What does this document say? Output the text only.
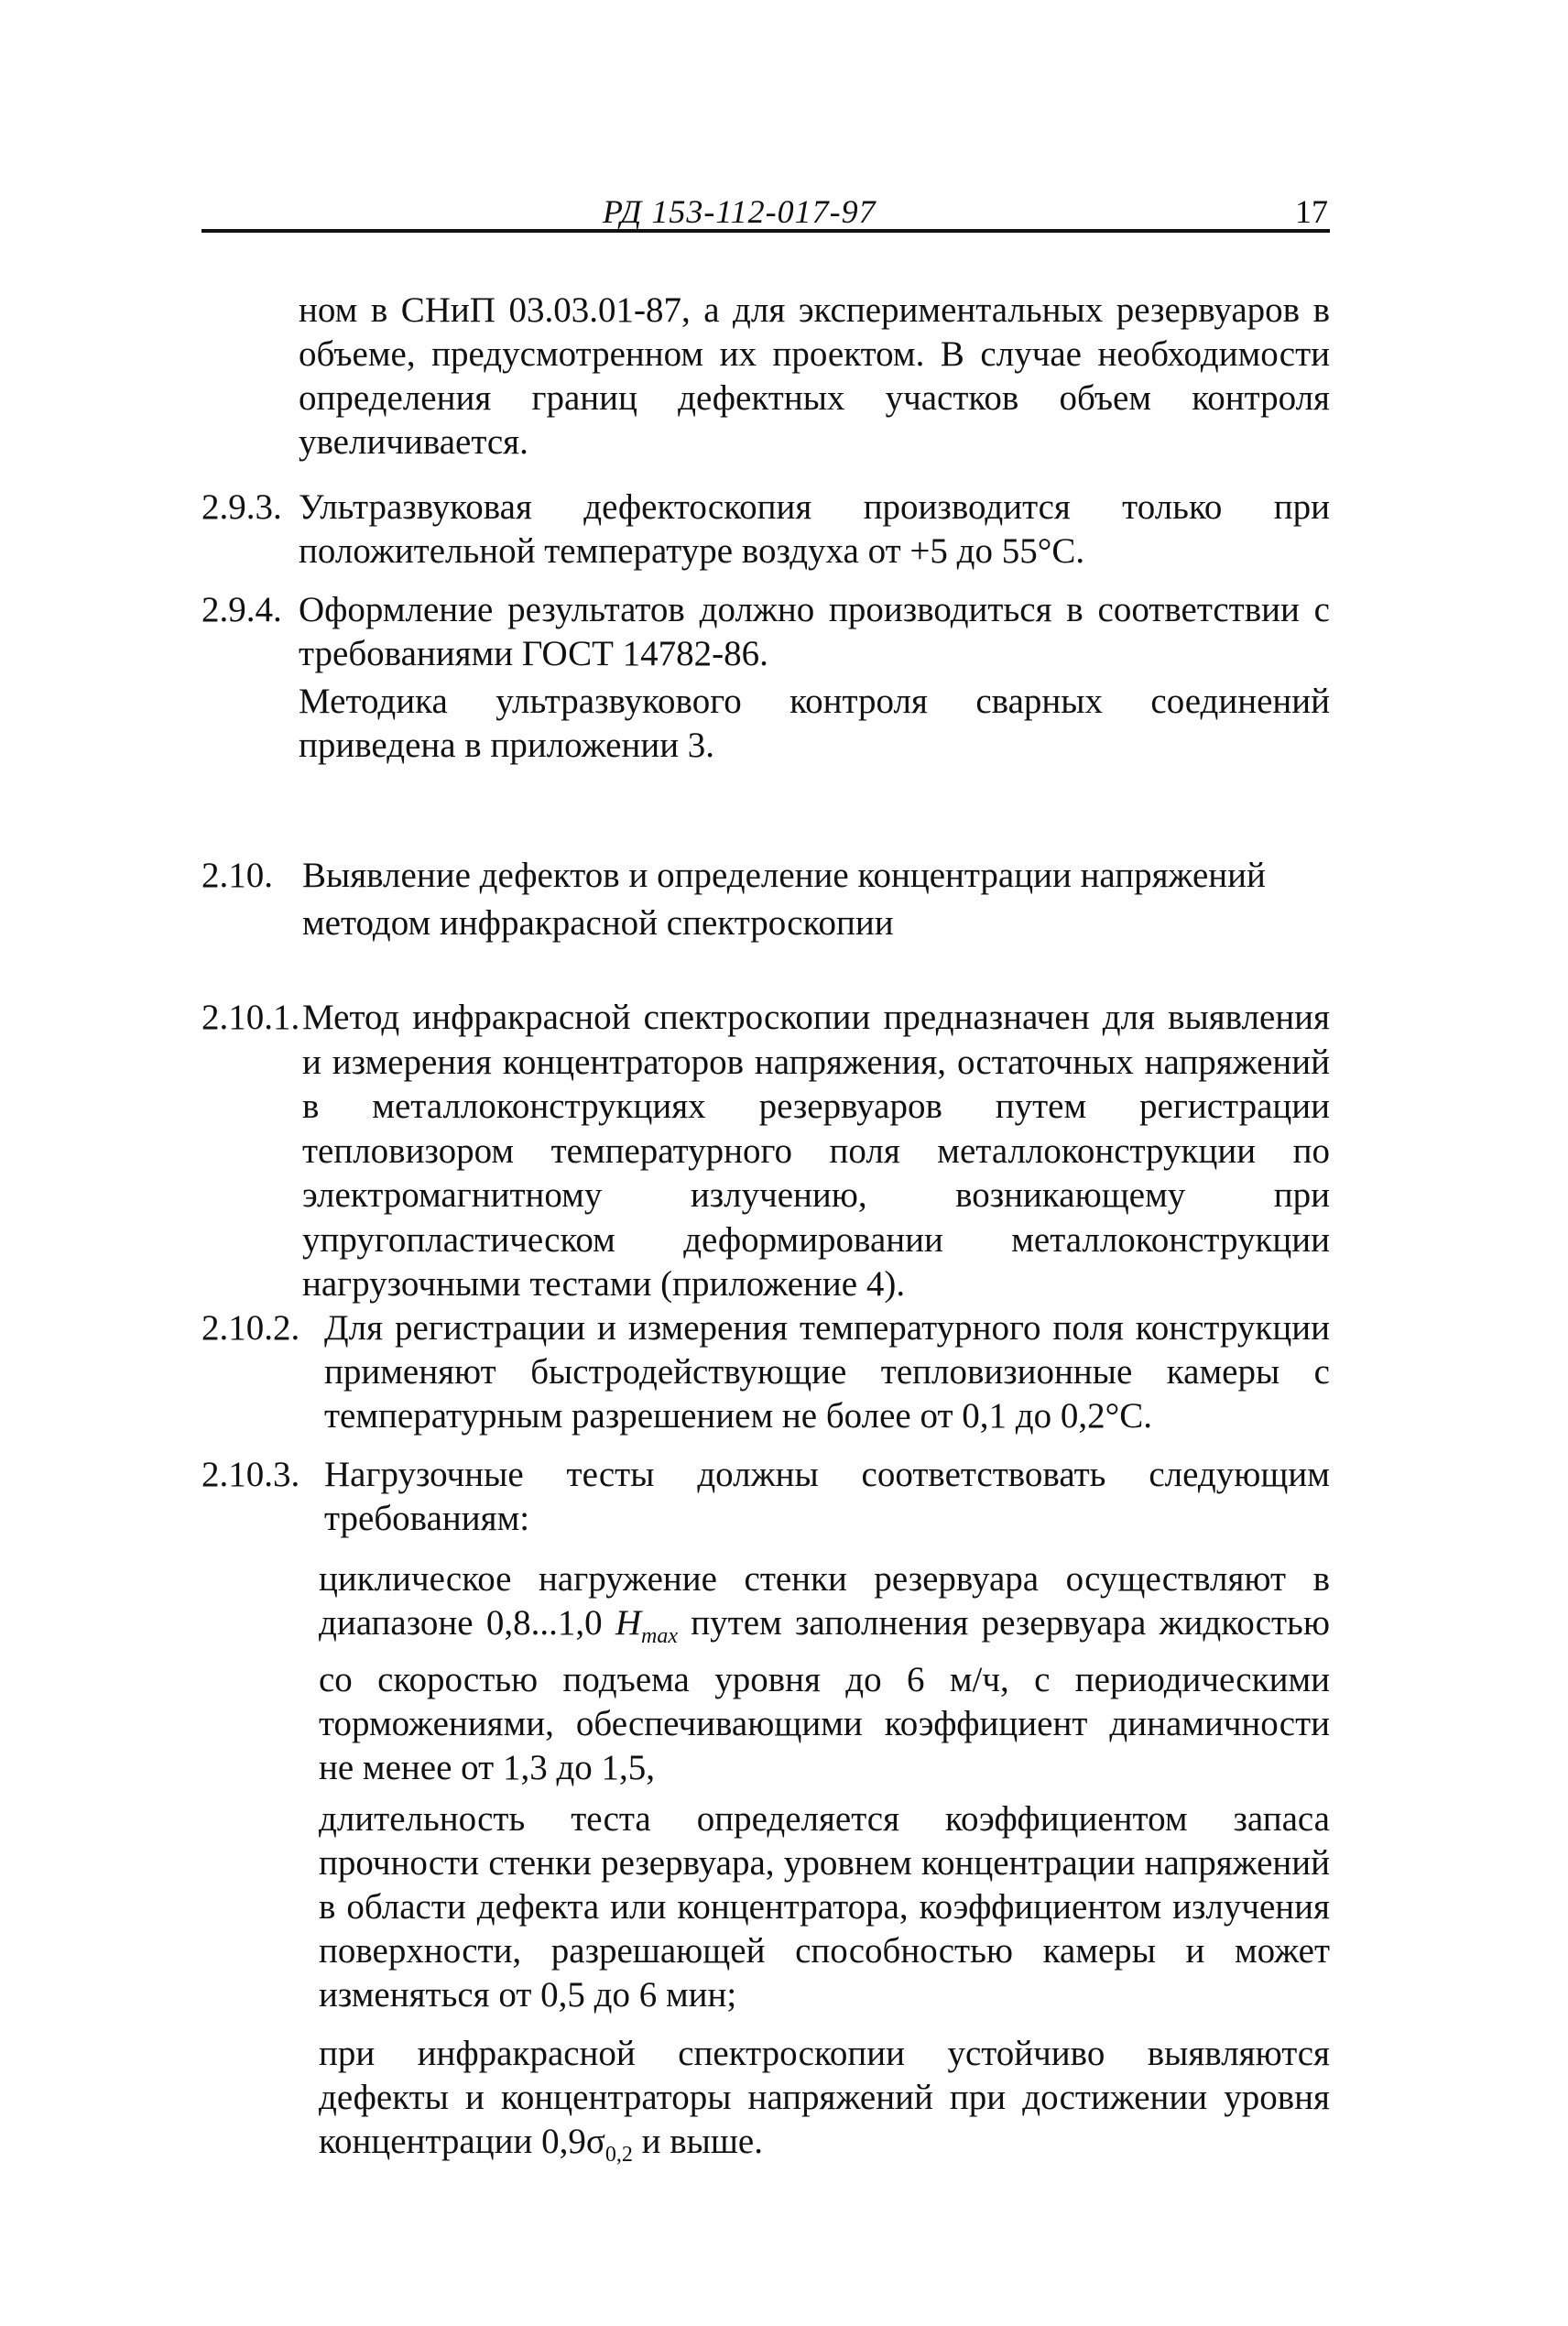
РД 153-112-017-97	17
ном в СНиП 03.03.01-87, а для экспериментальных резервуаров в объеме, предусмотренном их проектом. В случае необходимости определения границ дефектных участков объем контроля увеличивается.
2.9.3. Ультразвуковая дефектоскопия производится только при положительной температуре воздуха от +5 до 55°С.
2.9.4. Оформление результатов должно производиться в соответствии с требованиями ГОСТ 14782-86.
Методика ультразвукового контроля сварных соединений приведена в приложении 3.
2.10. Выявление дефектов и определение концентрации напряжений методом инфракрасной спектроскопии
2.10.1. Метод инфракрасной спектроскопии предназначен для выявления и измерения концентраторов напряжения, остаточных напряжений в металлоконструкциях резервуаров путем регистрации тепловизором температурного поля металлоконструкции по электромагнитному излучению, возникающему при упругопластическом деформировании металлоконструкции нагрузочными тестами (приложение 4).
2.10.2. Для регистрации и измерения температурного поля конструкции применяют быстродействующие тепловизионные камеры с температурным разрешением не более от 0,1 до 0,2°С.
2.10.3. Нагрузочные тесты должны соответствовать следующим требованиям:
циклическое нагружение стенки резервуара осуществляют в диапазоне 0,8...1,0 $H_{max}$ путем заполнения резервуара жидкостью со скоростью подъема уровня до 6 м/ч, с периодическими торможениями, обеспечивающими коэффициент динамичности не менее от 1,3 до 1,5,
длительность теста определяется коэффициентом запаса прочности стенки резервуара, уровнем концентрации напряжений в области дефекта или концентратора, коэффициентом излучения поверхности, разрешающей способностью камеры и может изменяться от 0,5 до 6 мин;
при инфракрасной спектроскопии устойчиво выявляются дефекты и концентраторы напряжений при достижении уровня концентрации $0,9\sigma_{0,2}$ и выше.
